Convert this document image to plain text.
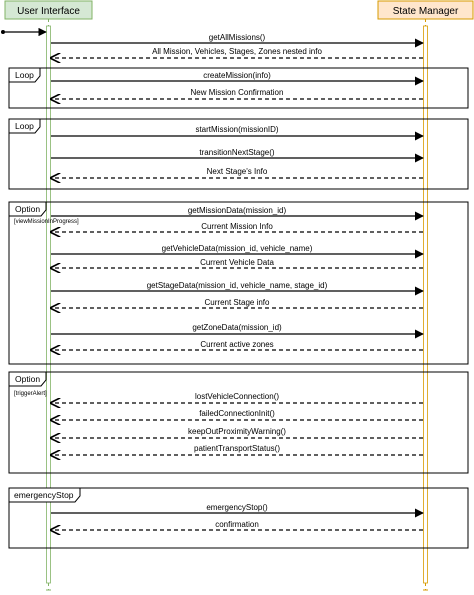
User Interface	State Manager
Loop
Loop
Option
[viewMissionInProgress]
Option
[triggerAlert]
emergencyStop
getAllMissions()
All Mission, Vehicles, Stages, Zones nested info
createMission(info)
New Mission Confirmation
startMission(missionID)
transitionNextStage()
Next Stage's Info
getMissionData(mission_id)
Current Mission Info
getVehicleData(mission_id, vehicle_name)
Current Vehicle Data
getStageData(mission_id, vehicle_name, stage_id)
Current Stage info
getZoneData(mission_id)
Current active zones
lostVehicleConnection()
failedConnectionInit()
keepOutProximityWarning()
patientTransportStatus()
emergencyStop()
confirmation
